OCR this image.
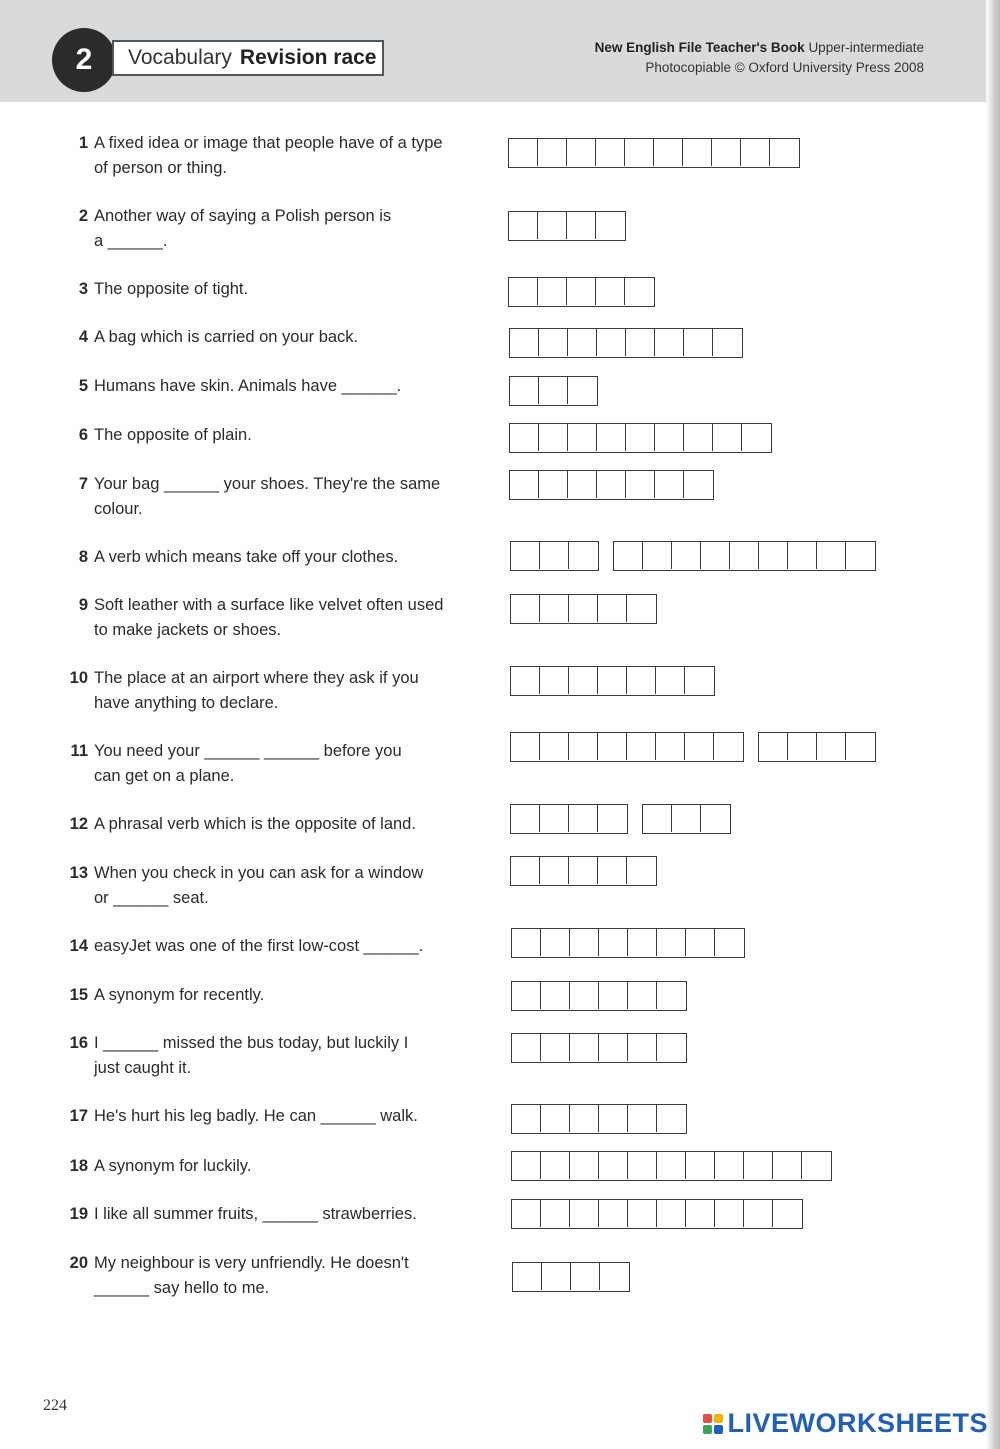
2	Vocabulary Revision race	New English File Teacher's Book Upper-intermediate
Photocopiable © Oxford University Press 2008
1 A fixed idea or image that people have of a type
of person or thing.
2 Another way of saying a Polish person is
a ______.
3 The opposite of tight.
4 A bag which is carried on your back.
5 Humans have skin. Animals have ______.
6 The opposite of plain.
7 Your bag ______ your shoes. They're the same
colour.
8 A verb which means take off your clothes.
9 Soft leather with a surface like velvet often used
to make jackets or shoes.
10 The place at an airport where they ask if you
have anything to declare.
11 You need your ______ ______ before you
can get on a plane.
12 A phrasal verb which is the opposite of land.
13 When you check in you can ask for a window
or ______ seat.
14 easyJet was one of the first low-cost ______.
15 A synonym for recently.
16 I ______ missed the bus today, but luckily I
just caught it.
17 He's hurt his leg badly. He can ______ walk.
18 A synonym for luckily.
19 I like all summer fruits, ______ strawberries.
20 My neighbour is very unfriendly. He doesn't
______ say hello to me.
224
LIVEWORKSHEETS
